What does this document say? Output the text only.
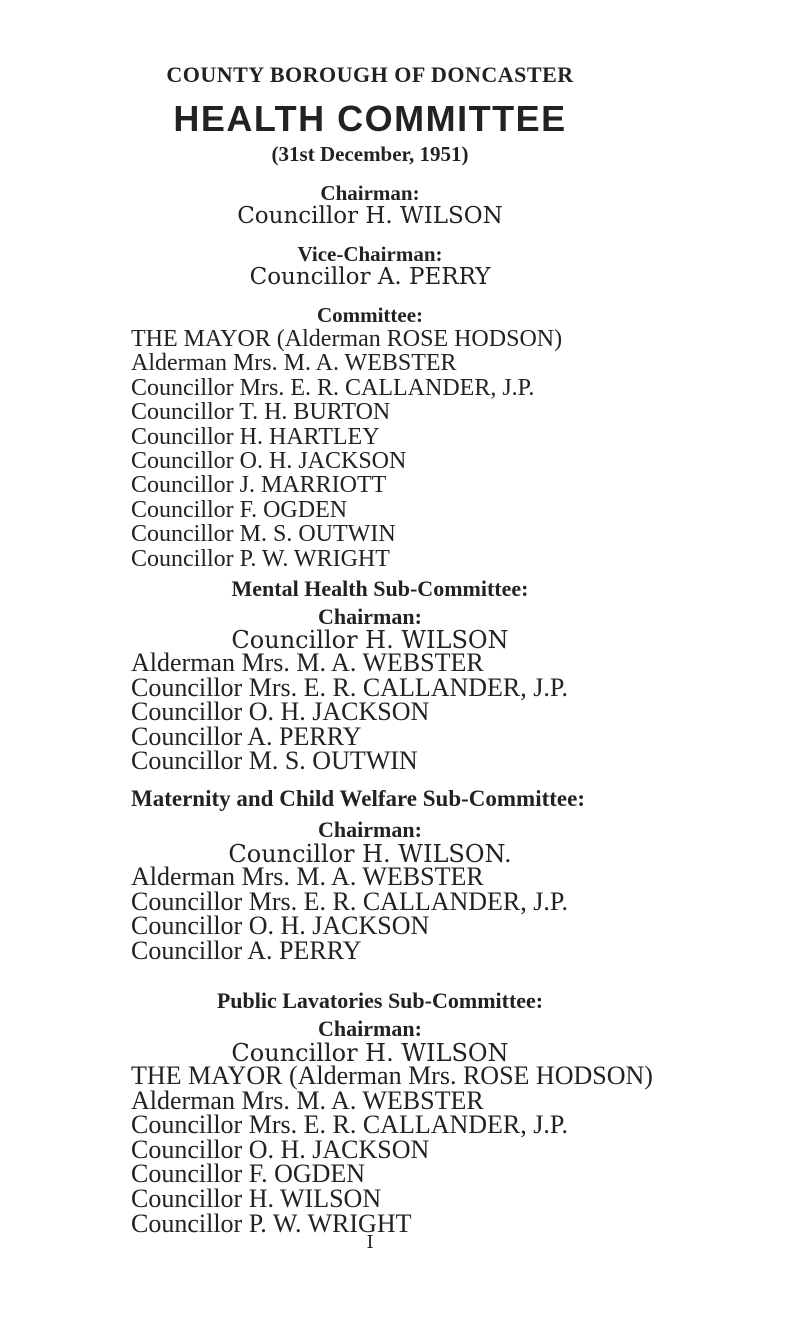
COUNTY BOROUGH OF DONCASTER
HEALTH COMMITTEE
(31st December, 1951)
Chairman:
Councillor H. WILSON
Vice-Chairman:
Councillor A. PERRY
Committee:
THE MAYOR (Alderman ROSE HODSON)
Alderman Mrs. M. A. WEBSTER
Councillor Mrs. E. R. CALLANDER, J.P.
Councillor T. H. BURTON
Councillor H. HARTLEY
Councillor O. H. JACKSON
Councillor J. MARRIOTT
Councillor F. OGDEN
Councillor M. S. OUTWIN
Councillor P. W. WRIGHT
Mental Health Sub-Committee:
Chairman:
Councillor H. WILSON
Alderman Mrs. M. A. WEBSTER
Councillor Mrs. E. R. CALLANDER, J.P.
Councillor O. H. JACKSON
Councillor A. PERRY
Councillor M. S. OUTWIN
Maternity and Child Welfare Sub-Committee:
Chairman:
Councillor H. WILSON.
Alderman Mrs. M. A. WEBSTER
Councillor Mrs. E. R. CALLANDER, J.P.
Councillor O. H. JACKSON
Councillor A. PERRY
Public Lavatories Sub-Committee:
Chairman:
Councillor H. WILSON
THE MAYOR (Alderman Mrs. ROSE HODSON)
Alderman Mrs. M. A. WEBSTER
Councillor Mrs. E. R. CALLANDER, J.P.
Councillor O. H. JACKSON
Councillor F. OGDEN
Councillor H. WILSON
Councillor P. W. WRIGHT
I
